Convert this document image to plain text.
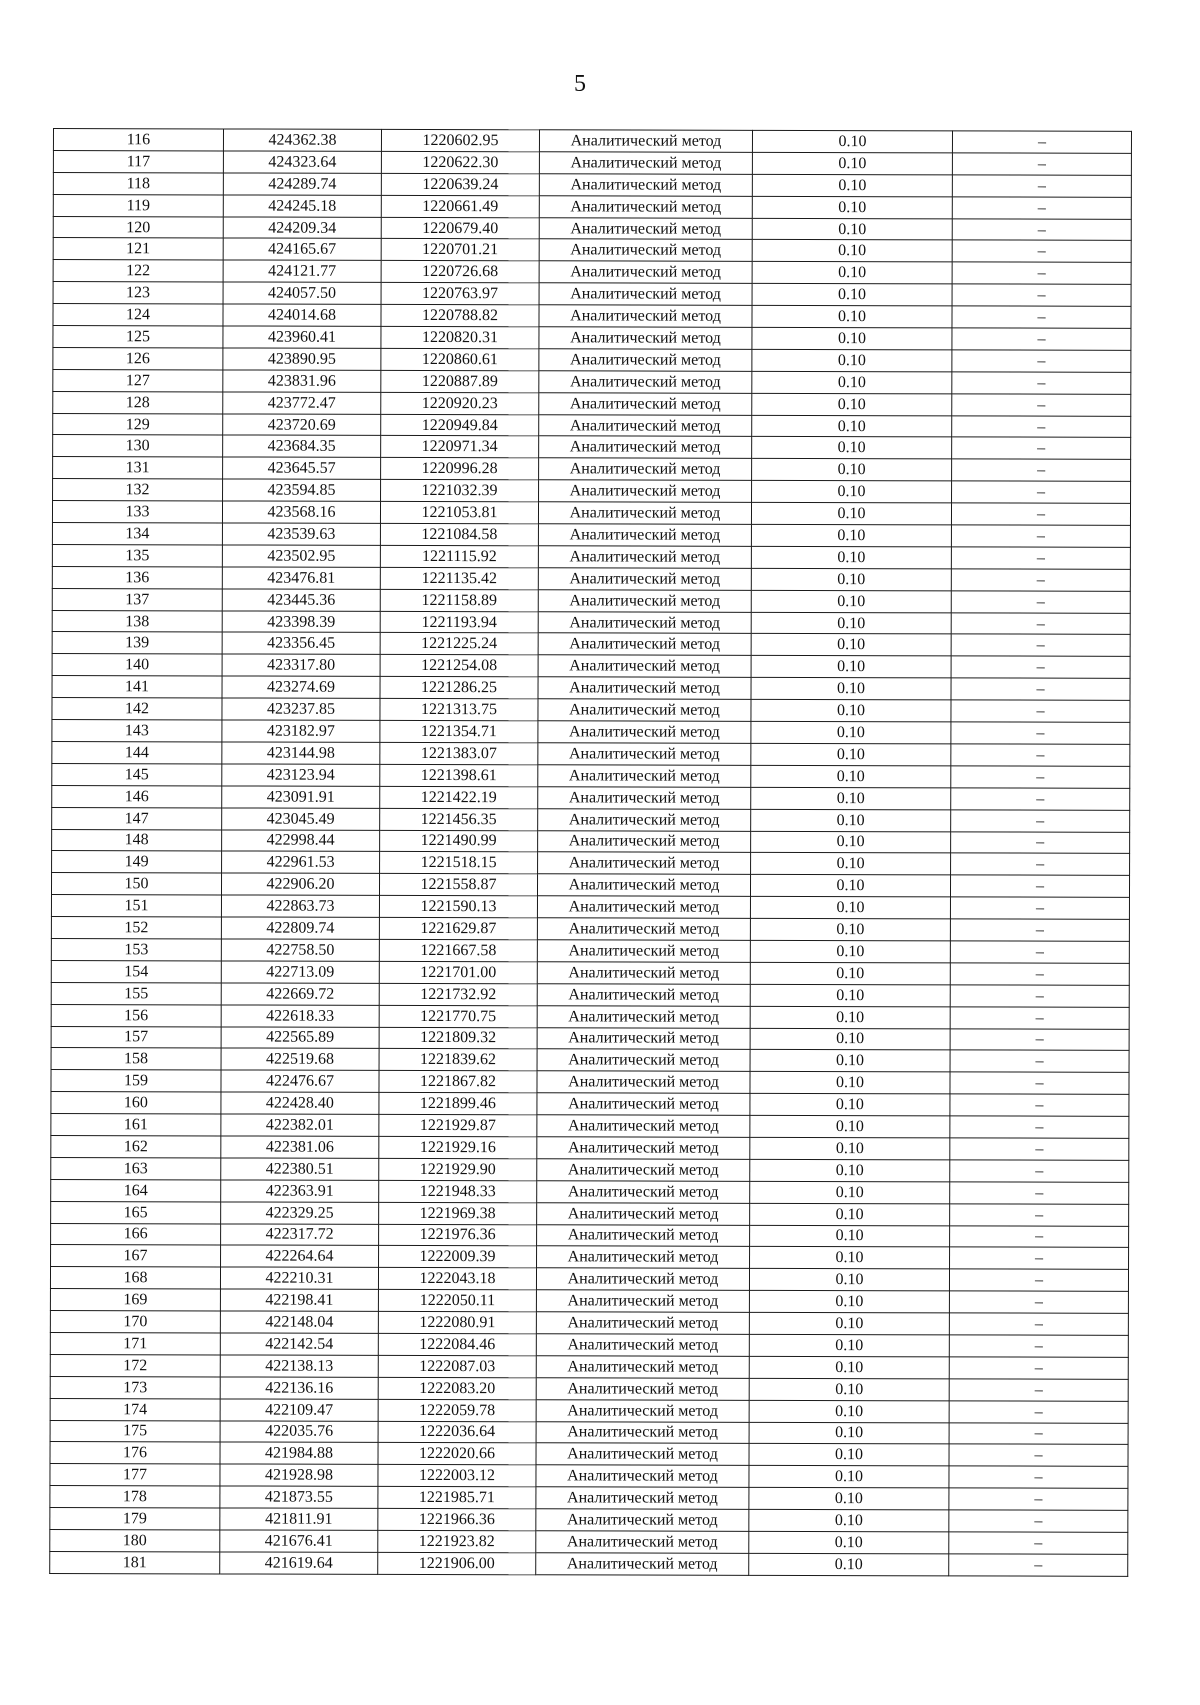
5
116	424362.38	1220602.95	Аналитический метод	0.10	–
117	424323.64	1220622.30	Аналитический метод	0.10	–
118	424289.74	1220639.24	Аналитический метод	0.10	–
119	424245.18	1220661.49	Аналитический метод	0.10	–
120	424209.34	1220679.40	Аналитический метод	0.10	–
121	424165.67	1220701.21	Аналитический метод	0.10	–
122	424121.77	1220726.68	Аналитический метод	0.10	–
123	424057.50	1220763.97	Аналитический метод	0.10	–
124	424014.68	1220788.82	Аналитический метод	0.10	–
125	423960.41	1220820.31	Аналитический метод	0.10	–
126	423890.95	1220860.61	Аналитический метод	0.10	–
127	423831.96	1220887.89	Аналитический метод	0.10	–
128	423772.47	1220920.23	Аналитический метод	0.10	–
129	423720.69	1220949.84	Аналитический метод	0.10	–
130	423684.35	1220971.34	Аналитический метод	0.10	–
131	423645.57	1220996.28	Аналитический метод	0.10	–
132	423594.85	1221032.39	Аналитический метод	0.10	–
133	423568.16	1221053.81	Аналитический метод	0.10	–
134	423539.63	1221084.58	Аналитический метод	0.10	–
135	423502.95	1221115.92	Аналитический метод	0.10	–
136	423476.81	1221135.42	Аналитический метод	0.10	–
137	423445.36	1221158.89	Аналитический метод	0.10	–
138	423398.39	1221193.94	Аналитический метод	0.10	–
139	423356.45	1221225.24	Аналитический метод	0.10	–
140	423317.80	1221254.08	Аналитический метод	0.10	–
141	423274.69	1221286.25	Аналитический метод	0.10	–
142	423237.85	1221313.75	Аналитический метод	0.10	–
143	423182.97	1221354.71	Аналитический метод	0.10	–
144	423144.98	1221383.07	Аналитический метод	0.10	–
145	423123.94	1221398.61	Аналитический метод	0.10	–
146	423091.91	1221422.19	Аналитический метод	0.10	–
147	423045.49	1221456.35	Аналитический метод	0.10	–
148	422998.44	1221490.99	Аналитический метод	0.10	–
149	422961.53	1221518.15	Аналитический метод	0.10	–
150	422906.20	1221558.87	Аналитический метод	0.10	–
151	422863.73	1221590.13	Аналитический метод	0.10	–
152	422809.74	1221629.87	Аналитический метод	0.10	–
153	422758.50	1221667.58	Аналитический метод	0.10	–
154	422713.09	1221701.00	Аналитический метод	0.10	–
155	422669.72	1221732.92	Аналитический метод	0.10	–
156	422618.33	1221770.75	Аналитический метод	0.10	–
157	422565.89	1221809.32	Аналитический метод	0.10	–
158	422519.68	1221839.62	Аналитический метод	0.10	–
159	422476.67	1221867.82	Аналитический метод	0.10	–
160	422428.40	1221899.46	Аналитический метод	0.10	–
161	422382.01	1221929.87	Аналитический метод	0.10	–
162	422381.06	1221929.16	Аналитический метод	0.10	–
163	422380.51	1221929.90	Аналитический метод	0.10	–
164	422363.91	1221948.33	Аналитический метод	0.10	–
165	422329.25	1221969.38	Аналитический метод	0.10	–
166	422317.72	1221976.36	Аналитический метод	0.10	–
167	422264.64	1222009.39	Аналитический метод	0.10	–
168	422210.31	1222043.18	Аналитический метод	0.10	–
169	422198.41	1222050.11	Аналитический метод	0.10	–
170	422148.04	1222080.91	Аналитический метод	0.10	–
171	422142.54	1222084.46	Аналитический метод	0.10	–
172	422138.13	1222087.03	Аналитический метод	0.10	–
173	422136.16	1222083.20	Аналитический метод	0.10	–
174	422109.47	1222059.78	Аналитический метод	0.10	–
175	422035.76	1222036.64	Аналитический метод	0.10	–
176	421984.88	1222020.66	Аналитический метод	0.10	–
177	421928.98	1222003.12	Аналитический метод	0.10	–
178	421873.55	1221985.71	Аналитический метод	0.10	–
179	421811.91	1221966.36	Аналитический метод	0.10	–
180	421676.41	1221923.82	Аналитический метод	0.10	–
181	421619.64	1221906.00	Аналитический метод	0.10	–
